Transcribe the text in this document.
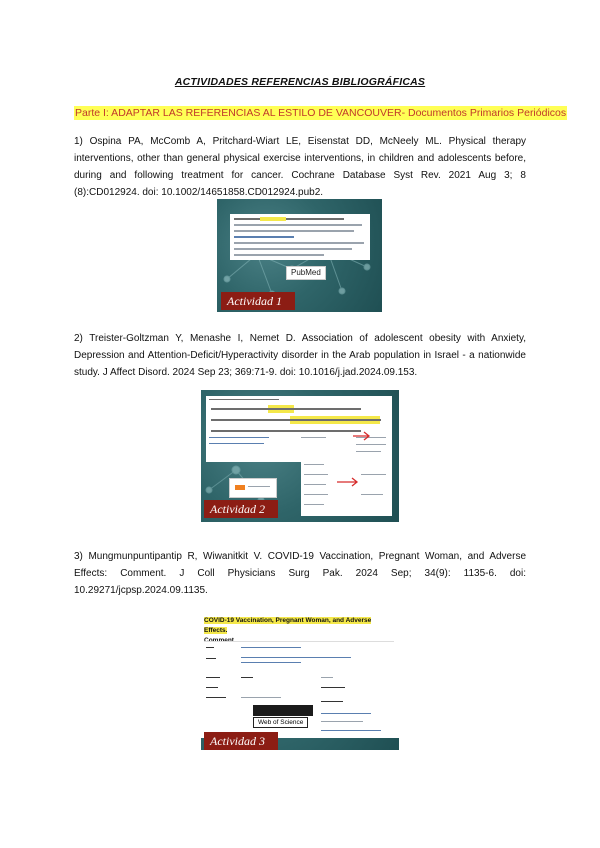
ACTIVIDADES REFERENCIAS BIBLIOGRÁFICAS
Parte I: ADAPTAR LAS REFERENCIAS AL ESTILO DE VANCOUVER- Documentos Primarios Periódicos
1) Ospina PA, McComb A, Pritchard-Wiart LE, Eisenstat DD, McNeely ML. Physical therapy interventions, other than general physical exercise interventions, in children and adolescents before, during and following treatment for cancer. Cochrane Database Syst Rev. 2021 Aug 3; 8 (8):CD012924. doi: 10.1002/14651858.CD012924.pub2.
PubMed
Actividad 1
2) Treister-Goltzman Y, Menashe I, Nemet D. Association of adolescent obesity with Anxiety, Depression and Attention-Deficit/Hyperactivity disorder in the Arab population in Israel - a nationwide study. J Affect Disord. 2024 Sep 23; 369:71-9. doi: 10.1016/j.jad.2024.09.153.
Actividad 2
3) Mungmunpuntipantip R, Wiwanitkit V. COVID-19 Vaccination, Pregnant Woman, and Adverse Effects: Comment. J Coll Physicians Surg Pak. 2024 Sep; 34(9): 1135-6. doi: 10.29271/jcpsp.2024.09.1135.
COVID-19 Vaccination, Pregnant Woman, and Adverse Effects.

Web of Science
Actividad 3
